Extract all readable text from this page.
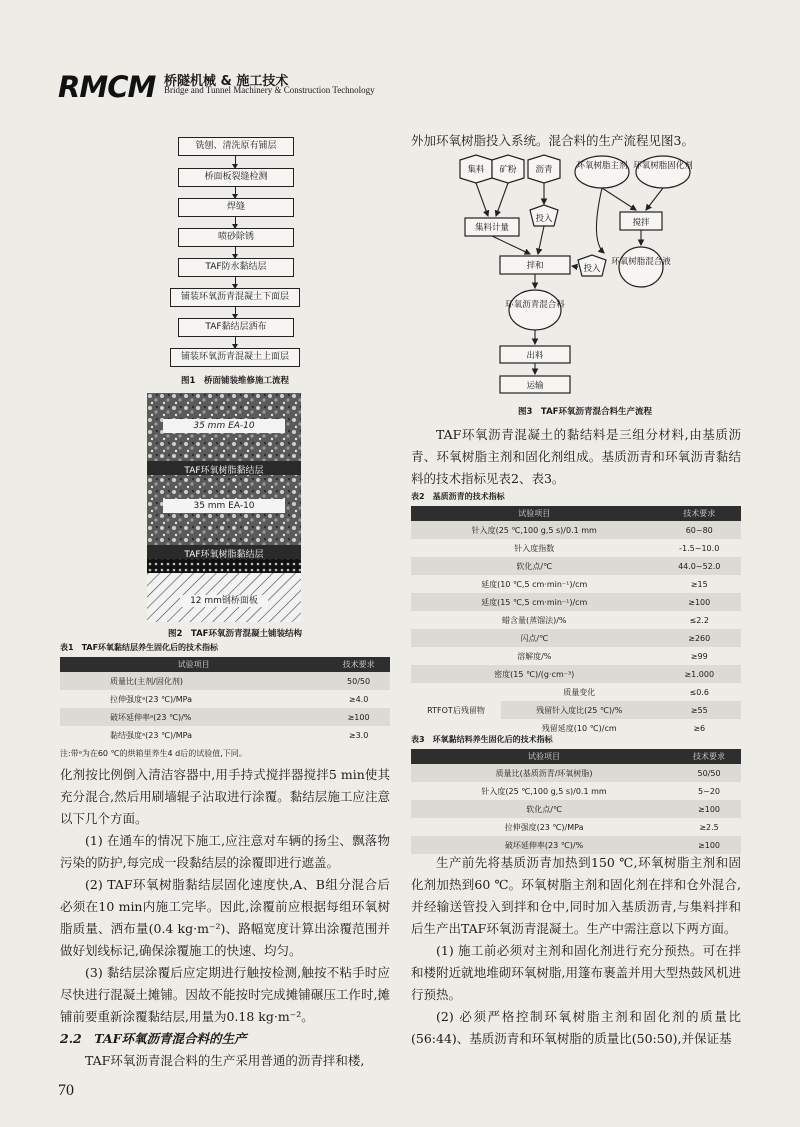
RMCM 桥隧机械 & 施工技术
Bridge and Tunnel Machinery & Construction Technology
铣刨、清洗原有铺层
桥面板裂缝检测
焊缝
喷砂除锈
TAF防水黏结层
铺装环氧沥青混凝土下面层
TAF黏结层洒布
铺装环氧沥青混凝土上面层
图1　桥面铺装维修施工流程
35 mm EA-10
TAF环氧树脂黏结层
35 mm EA-10
TAF环氧树脂黏结层
12 mm钢桥面板
图2　TAF环氧沥青混凝土铺装结构
表1　TAF环氧黏结层养生固化后的技术指标
试验项目	技术要求
质量比(主剂/固化剂)	50/50
拉伸强度ᵃ(23 ℃)/MPa	≥4.0
破坏延伸率ᵃ(23 ℃)/%	≥100
黏结强度ᵃ(23 ℃)/MPa	≥3.0
注:带ᵃ为在60 ℃的烘箱里养生4 d后的试验值,下同。

化剂按比例倒入清洁容器中,用手持式搅拌器搅拌5 min使其充分混合,然后用刷墙辊子沾取进行涂覆。黏结层施工应注意以下几个方面。

(1) 在通车的情况下施工,应注意对车辆的扬尘、飘落物污染的防护,每完成一段黏结层的涂覆即进行遮盖。

(2) TAF环氧树脂黏结层固化速度快,A、B组分混合后必须在10 min内施工完毕。因此,涂覆前应根据每组环氧树脂质量、洒布量(0.4 kg·m⁻²)、路幅宽度计算出涂覆范围并做好划线标记,确保涂覆施工的快速、均匀。

(3) 黏结层涂覆后应定期进行触按检测,触按不粘手时应尽快进行混凝土摊铺。因故不能按时完成摊铺碾压工作时,摊铺前要重新涂覆黏结层,用量为0.18 kg·m⁻²。

2.2　TAF环氧沥青混合料的生产

TAF环氧沥青混合料的生产采用普通的沥青拌和楼,

外加环氧树脂投入系统。混合料的生产流程见图3。

集料 矿粉 沥青
集料计量
投入
拌和	投入
环氧沥青混合料
出料
运输
环氧树脂主剂 环氧树脂固化剂
搅拌
环氧树脂混合液
图3　TAF环氧沥青混合料生产流程

TAF环氧沥青混凝土的黏结料是三组分材料,由基质沥青、环氧树脂主剂和固化剂组成。基质沥青和环氧沥青黏结料的技术指标见表2、表3。

表2　基质沥青的技术指标
试验项目		技术要求
针入度(25 ℃,100 g,5 s)/0.1 mm		60~80
针入度指数		-1.5~10.0
软化点/℃		44.0~52.0
延度(10 ℃,5 cm·min⁻¹)/cm		≥15
延度(15 ℃,5 cm·min⁻¹)/cm		≥100
蜡含量(蒸馏法)/%		≤2.2
闪点/℃		≥260
溶解度/%		≥99
密度(15 ℃)/(g·cm⁻³)		≥1.000
RTFOT后残留物	质量变化	≤0.6
	残留针入度比(25 ℃)/%	≥55
	残留延度(10 ℃)/cm	≥6
表3　环氧黏结料养生固化后的技术指标
试验项目	技术要求
质量比(基质沥青/环氧树脂)	50/50
针入度(25 ℃,100 g,5 s)/0.1 mm	5~20
软化点/℃	≥100
拉伸强度(23 ℃)/MPa	≥2.5
破坏延伸率(23 ℃)/%	≥100

生产前先将基质沥青加热到150 ℃,环氧树脂主剂和固化剂加热到60 ℃。环氧树脂主剂和固化剂在拌和仓外混合,并经输送管投入到拌和仓中,同时加入基质沥青,与集料拌和后生产出TAF环氧沥青混凝土。生产中需注意以下两方面。

(1) 施工前必须对主剂和固化剂进行充分预热。可在拌和楼附近就地堆砌环氧树脂,用篷布裹盖并用大型热鼓风机进行预热。

(2) 必须严格控制环氧树脂主剂和固化剂的质量比(56:44)、基质沥青和环氧树脂的质量比(50:50),并保证基

70
